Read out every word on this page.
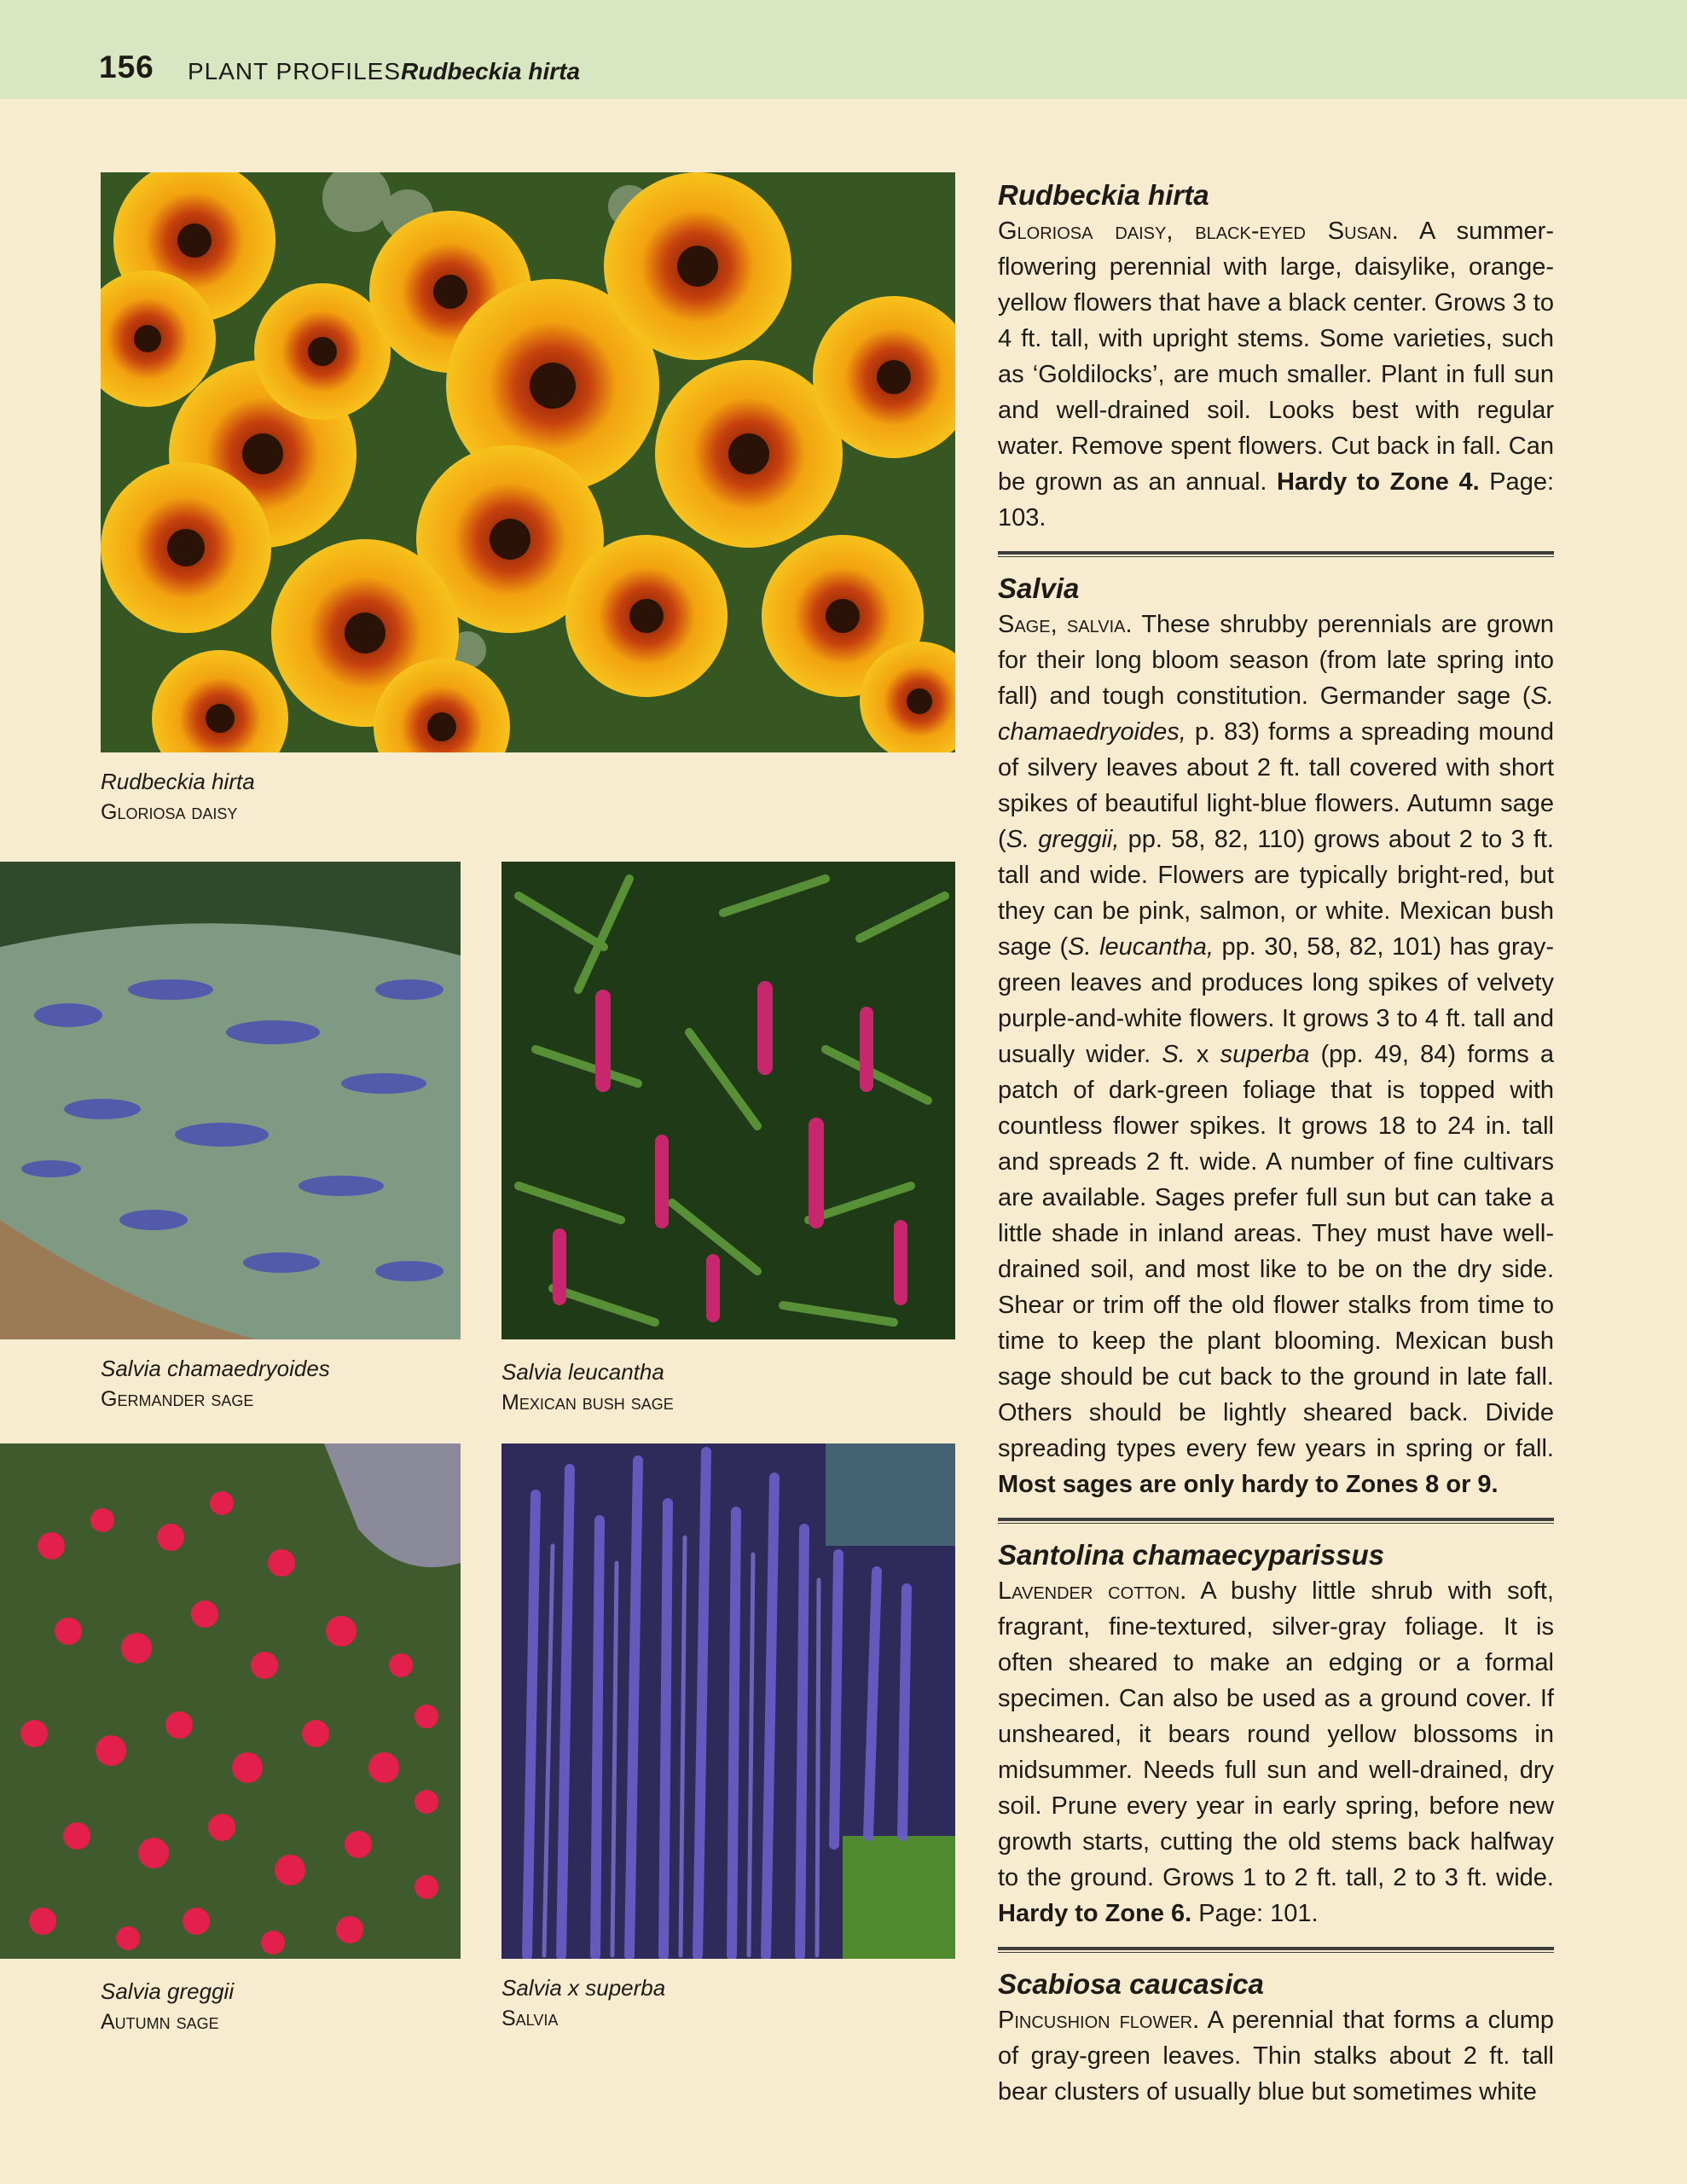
156 PLANT PROFILES Rudbeckia hirta
Rudbeckia hirta
Gloriosa daisy
Salvia chamaedryoides
Germander sage
Salvia leucantha
Mexican bush sage
Salvia greggii
Autumn sage
Salvia x superba
Salvia
Rudbeckia hirta

Gloriosa daisy, black-eyed Susan. A summer-flowering perennial with large, daisylike, orange-yellow flowers that have a black center. Grows 3 to 4 ft. tall, with upright stems. Some varieties, such as ‘Goldilocks’, are much smaller. Plant in full sun and well-drained soil. Looks best with regular water. Remove spent flowers. Cut back in fall. Can be grown as an annual. Hardy to Zone 4. Page: 103.

Salvia

Sage, salvia. These shrubby perennials are grown for their long bloom season (from late spring into fall) and tough constitution. Germander sage (S. chamaedryoides, p. 83) forms a spreading mound of silvery leaves about 2 ft. tall covered with short spikes of beautiful light-blue flowers. Autumn sage (S. greggii, pp. 58, 82, 110) grows about 2 to 3 ft. tall and wide. Flowers are typically bright-red, but they can be pink, salmon, or white. Mexican bush sage (S. leucantha, pp. 30, 58, 82, 101) has gray-green leaves and produces long spikes of velvety purple-and-white flowers. It grows 3 to 4 ft. tall and usually wider. S. x superba (pp. 49, 84) forms a patch of dark-green foliage that is topped with countless flower spikes. It grows 18 to 24 in. tall and spreads 2 ft. wide. A number of fine cultivars are available. Sages prefer full sun but can take a little shade in inland areas. They must have well-drained soil, and most like to be on the dry side. Shear or trim off the old flower stalks from time to time to keep the plant blooming. Mexican bush sage should be cut back to the ground in late fall. Others should be lightly sheared back. Divide spreading types every few years in spring or fall. Most sages are only hardy to Zones 8 or 9.

Santolina chamaecyparissus

Lavender cotton. A bushy little shrub with soft, fragrant, fine-textured, silver-gray foliage. It is often sheared to make an edging or a formal specimen. Can also be used as a ground cover. If unsheared, it bears round yellow blossoms in midsummer. Needs full sun and well-drained, dry soil. Prune every year in early spring, before new growth starts, cutting the old stems back halfway to the ground. Grows 1 to 2 ft. tall, 2 to 3 ft. wide. Hardy to Zone 6. Page: 101.

Scabiosa caucasica

Pincushion flower. A perennial that forms a clump of gray-green leaves. Thin stalks about 2 ft. tall bear clusters of usually blue but sometimes white
